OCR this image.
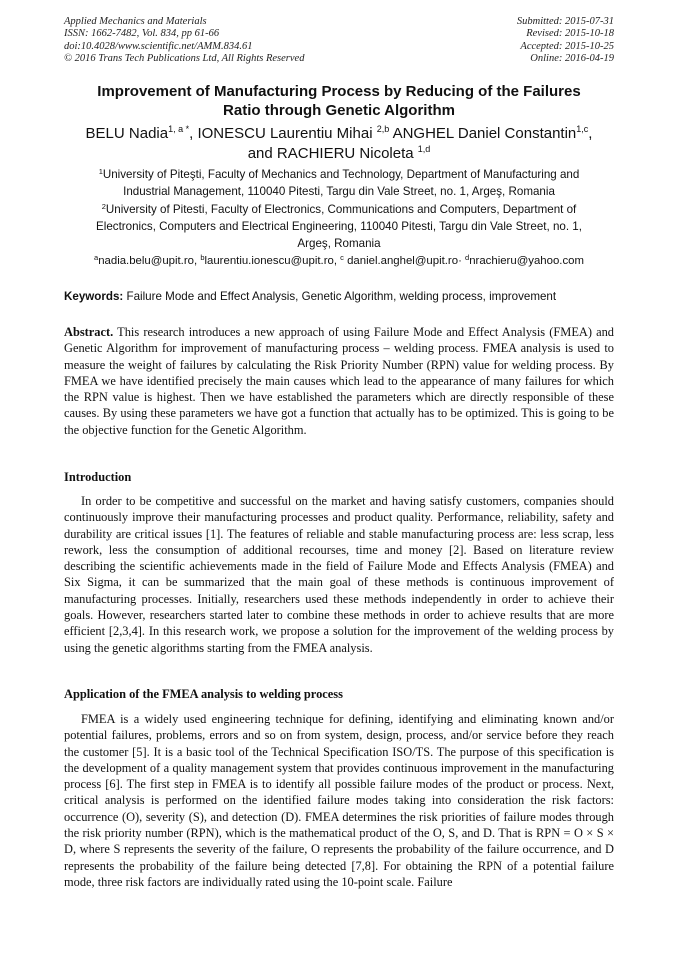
Applied Mechanics and Materials
ISSN: 1662-7482, Vol. 834, pp 61-66
doi:10.4028/www.scientific.net/AMM.834.61
© 2016 Trans Tech Publications Ltd, All Rights Reserved
Submitted: 2015-07-31
Revised: 2015-10-18
Accepted: 2015-10-25
Online: 2016-04-19
Improvement of Manufacturing Process by Reducing of the Failures
Ratio through Genetic Algorithm
BELU Nadia$^{1, a *}$, IONESCU Laurentiu Mihai $^{2,b}$ ANGHEL Daniel Constantin$^{1,c}$,
and RACHIERU Nicoleta $^{1,d}$
$^1$University of Piteşti, Faculty of Mechanics and Technology, Department of Manufacturing and
Industrial Management, 110040 Pitesti, Targu din Vale Street, no. 1, Argeş, Romania
$^2$University of Pitesti, Faculty of Electronics, Communications and Computers, Department of
Electronics, Computers and Electrical Engineering, 110040 Pitesti, Targu din Vale Street, no. 1,
Argeş, Romania
$^a$nadia.belu@upit.ro, $^b$laurentiu.ionescu@upit.ro, $^c$ daniel.anghel@upit.ro· $^d$nrachieru@yahoo.com
Keywords: Failure Mode and Effect Analysis, Genetic Algorithm, welding process, improvement
Abstract. This research introduces a new approach of using Failure Mode and Effect Analysis (FMEA) and Genetic Algorithm for improvement of manufacturing process – welding process. FMEA analysis is used to measure the weight of failures by calculating the Risk Priority Number (RPN) value for welding process. By FMEA we have identified precisely the main causes which lead to the appearance of many failures for which the RPN value is highest. Then we have established the parameters which are directly responsible of these causes. By using these parameters we have got a function that actually has to be optimized. This is going to be the objective function for the Genetic Algorithm.
Introduction
In order to be competitive and successful on the market and having satisfy customers, companies should continuously improve their manufacturing processes and product quality. Performance, reliability, safety and durability are critical issues [1]. The features of reliable and stable manufacturing process are: less scrap, less rework, less the consumption of additional recourses, time and money [2]. Based on literature review describing the scientific achievements made in the field of Failure Mode and Effects Analysis (FMEA) and Six Sigma, it can be summarized that the main goal of these methods is continuous improvement of manufacturing processes. Initially, researchers used these methods independently in order to achieve their goals. However, researchers started later to combine these methods in order to achieve results that are more efficient [2,3,4]. In this research work, we propose a solution for the improvement of the welding process by using the genetic algorithms starting from the FMEA analysis.
Application of the FMEA analysis to welding process
FMEA is a widely used engineering technique for defining, identifying and eliminating known and/or potential failures, problems, errors and so on from system, design, process, and/or service before they reach the customer [5]. It is a basic tool of the Technical Specification ISO/TS. The purpose of this specification is the development of a quality management system that provides continuous improvement in the manufacturing process [6]. The first step in FMEA is to identify all possible failure modes of the product or process. Next, critical analysis is performed on the identified failure modes taking into consideration the risk factors: occurrence (O), severity (S), and detection (D). FMEA determines the risk priorities of failure modes through the risk priority number (RPN), which is the mathematical product of the O, S, and D. That is RPN = O × S × D, where S represents the severity of the failure, O represents the probability of the failure occurrence, and D represents the probability of the failure being detected [7,8]. For obtaining the RPN of a potential failure mode, three risk factors are individually rated using the 10-point scale. Failure
